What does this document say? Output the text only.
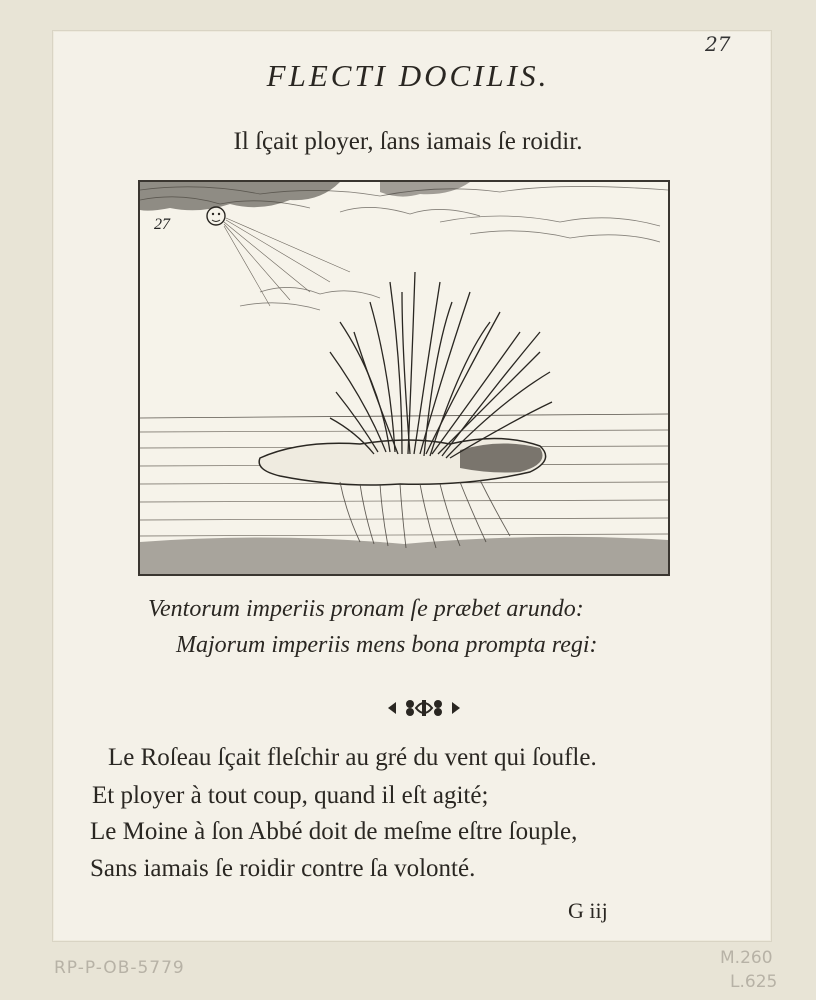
27
FLECTI DOCILIS.
Il ſçait ployer, ſans iamais ſe roidir.
27
Ventorum imperiis pronam ſe præbet arundo:
Majorum imperiis mens bona prompta regi:
Le Roſeau ſçait fleſchir au gré du vent qui ſoufle.
Et ployer à tout coup, quand il eſt agité;
Le Moine à ſon Abbé doit de meſme eſtre ſouple,
Sans iamais ſe roidir contre ſa volonté.
G iij
RP-P-OB-5779	M.260
L.625
